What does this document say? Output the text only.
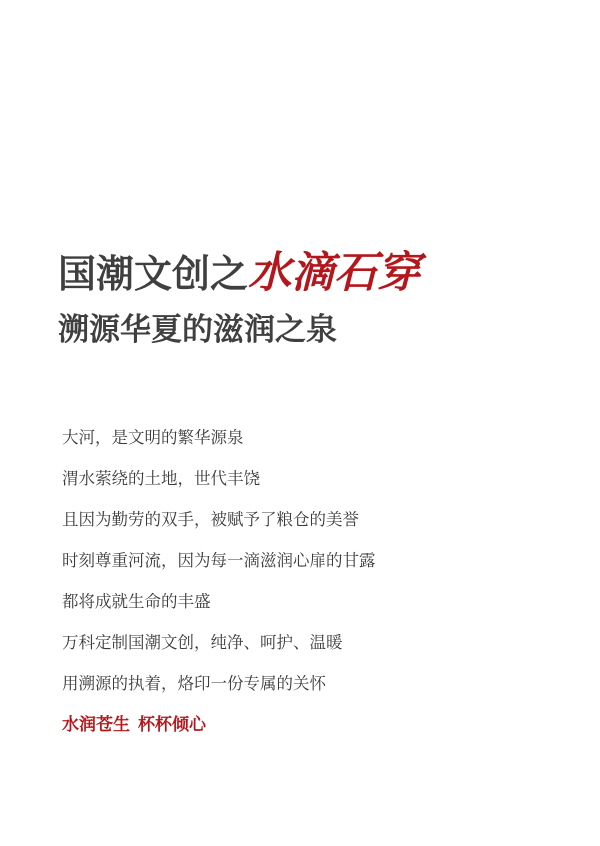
国潮文创之水滴石穿
溯源华夏的滋润之泉
大河，是文明的繁华源泉
渭水萦绕的土地，世代丰饶
且因为勤劳的双手，被赋予了粮仓的美誉
时刻尊重河流，因为每一滴滋润心扉的甘露
都将成就生命的丰盛
万科定制国潮文创，纯净、呵护、温暖
用溯源的执着，烙印一份专属的关怀
水润苍生 杯杯倾心
